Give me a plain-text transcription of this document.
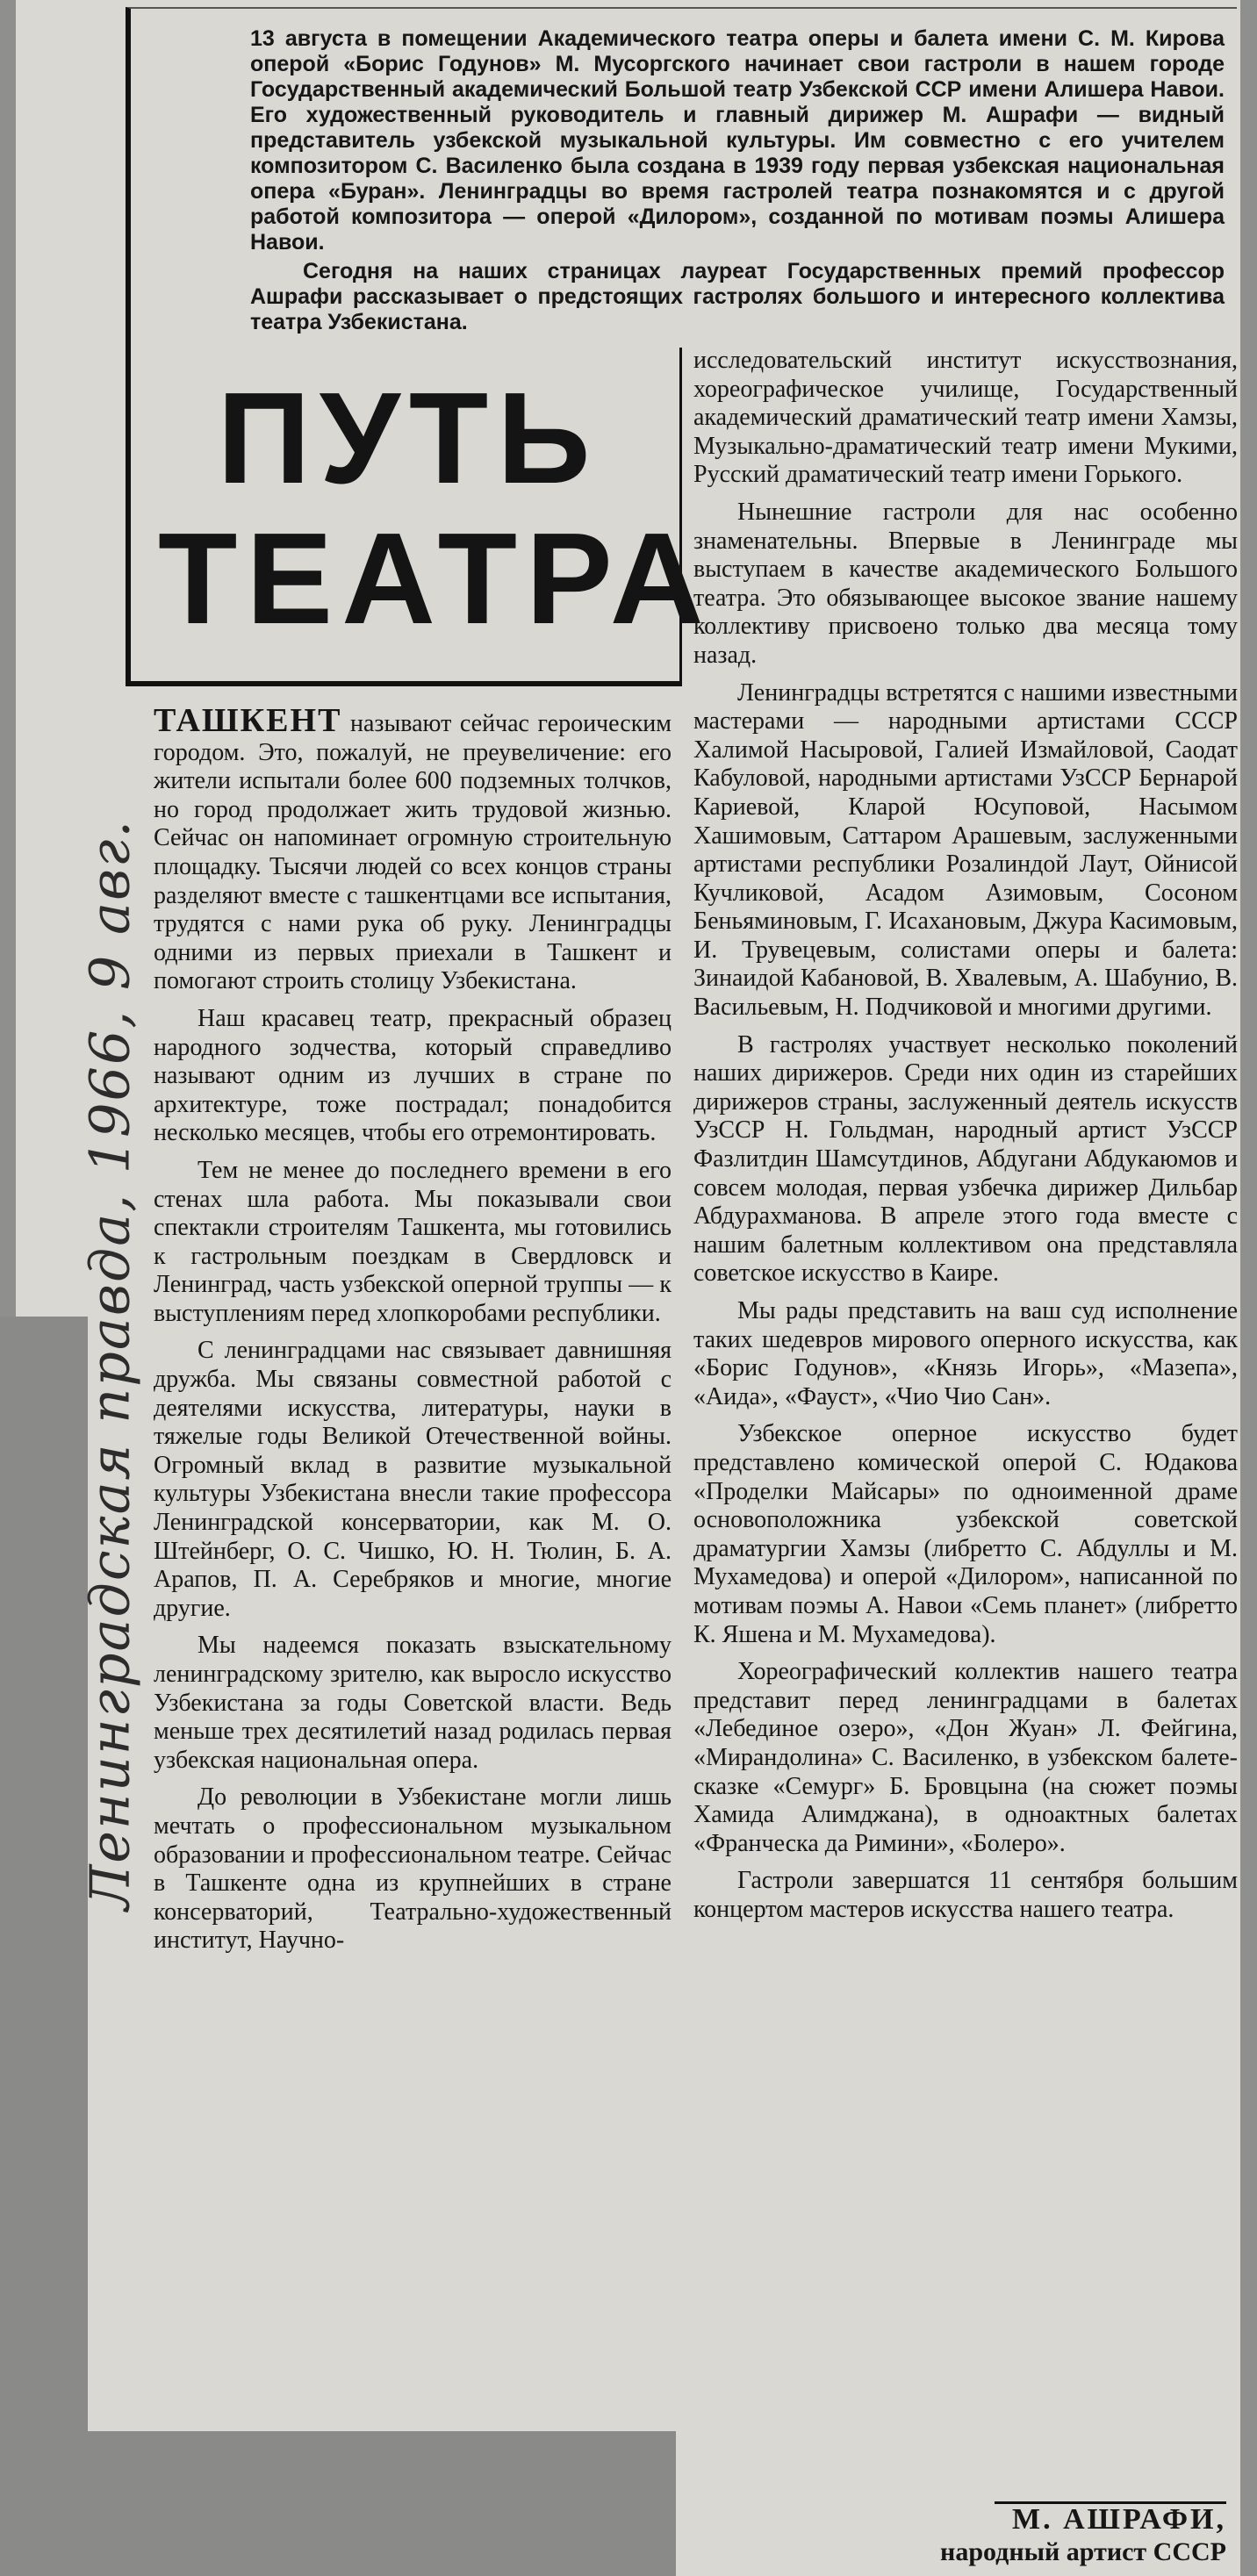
Ленинградская правда, 1966, 9 авг.

13 августа в помещении Академического театра оперы и балета имени С. М. Кирова оперой «Борис Годунов» М. Мусоргского начинает свои гастроли в нашем городе Государственный академический Большой театр Узбекской ССР имени Алишера Навои. Его художественный руководитель и главный дирижер М. Ашрафи — видный представитель узбекской музыкальной культуры. Им совместно с его учителем композитором С. Василенко была создана в 1939 году первая узбекская национальная опера «Буран». Ленинградцы во время гастролей театра познакомятся и с другой работой композитора — оперой «Дилором», созданной по мотивам поэмы Алишера Навои.

Сегодня на наших страницах лауреат Государственных премий профессор Ашрафи рассказывает о предстоящих гастролях большого и интересного коллектива театра Узбекистана.

ПУТЬ
ТЕАТРА

ТАШКЕНТ называют сейчас героическим городом. Это, пожалуй, не преувеличение: его жители испытали более 600 подземных толчков, но город продолжает жить трудовой жизнью. Сейчас он напоминает огромную строительную площадку. Тысячи людей со всех концов страны разделяют вместе с ташкентцами все испытания, трудятся с нами рука об руку. Ленинградцы одними из первых приехали в Ташкент и помогают строить столицу Узбекистана.

Наш красавец театр, прекрасный образец народного зодчества, который справедливо называют одним из лучших в стране по архитектуре, тоже пострадал; понадобится несколько месяцев, чтобы его отремонтировать.

Тем не менее до последнего времени в его стенах шла работа. Мы показывали свои спектакли строителям Ташкента, мы готовились к гастрольным поездкам в Свердловск и Ленинград, часть узбекской оперной труппы — к выступлениям перед хлопкоробами республики.

С ленинградцами нас связывает давнишняя дружба. Мы связаны совместной работой с деятелями искусства, литературы, науки в тяжелые годы Великой Отечественной войны. Огромный вклад в развитие музыкальной культуры Узбекистана внесли такие профессора Ленинградской консерватории, как М. О. Штейнберг, О. С. Чишко, Ю. Н. Тюлин, Б. А. Арапов, П. А. Серебряков и многие, многие другие.

Мы надеемся показать взыскательному ленинградскому зрителю, как выросло искусство Узбекистана за годы Советской власти. Ведь меньше трех десятилетий назад родилась первая узбекская национальная опера.

До революции в Узбекистане могли лишь мечтать о профессиональном музыкальном образовании и профессиональном театре. Сейчас в Ташкенте одна из крупнейших в стране консерваторий, Театрально-художественный институт, Научно-

исследовательский институт искусствознания, хореографическое училище, Государственный академический драматический театр имени Хамзы, Музыкально-драматический театр имени Мукими, Русский драматический театр имени Горького.

Нынешние гастроли для нас особенно знаменательны. Впервые в Ленинграде мы выступаем в качестве академического Большого театра. Это обязывающее высокое звание нашему коллективу присвоено только два месяца тому назад.

Ленинградцы встретятся с нашими известными мастерами — народными артистами СССР Халимой Насыровой, Галией Измайловой, Саодат Кабуловой, народными артистами УзССР Бернарой Кариевой, Кларой Юсуповой, Насымом Хашимовым, Саттаром Арашевым, заслуженными артистами республики Розалиндой Лаут, Ойнисой Кучликовой, Асадом Азимовым, Сосоном Беньяминовым, Г. Исахановым, Джура Касимовым, И. Трувецевым, солистами оперы и балета: Зинаидой Кабановой, В. Хвалевым, А. Шабунио, В. Васильевым, Н. Подчиковой и многими другими.

В гастролях участвует несколько поколений наших дирижеров. Среди них один из старейших дирижеров страны, заслуженный деятель искусств УзССР Н. Гольдман, народный артист УзССР Фазлитдин Шамсутдинов, Абдугани Абдукаюмов и совсем молодая, первая узбечка дирижер Дильбар Абдурахманова. В апреле этого года вместе с нашим балетным коллективом она представляла советское искусство в Каире.

Мы рады представить на ваш суд исполнение таких шедевров мирового оперного искусства, как «Борис Годунов», «Князь Игорь», «Мазепа», «Аида», «Фауст», «Чио Чио Сан».

Узбекское оперное искусство будет представлено комической оперой С. Юдакова «Проделки Майсары» по одноименной драме основоположника узбекской советской драматургии Хамзы (либретто С. Абдуллы и М. Мухамедова) и оперой «Дилором», написанной по мотивам поэмы А. Навои «Семь планет» (либретто К. Яшена и М. Мухамедова).

Хореографический коллектив нашего театра представит перед ленинградцами в балетах «Лебединое озеро», «Дон Жуан» Л. Фейгина, «Мирандолина» С. Василенко, в узбекском балете-сказке «Семург» Б. Бровцына (на сюжет поэмы Хамида Алимджана), в одноактных балетах «Франческа да Римини», «Болеро».

Гастроли завершатся 11 сентября большим концертом мастеров искусства нашего театра.

М. АШРАФИ,
народный артист СССР
